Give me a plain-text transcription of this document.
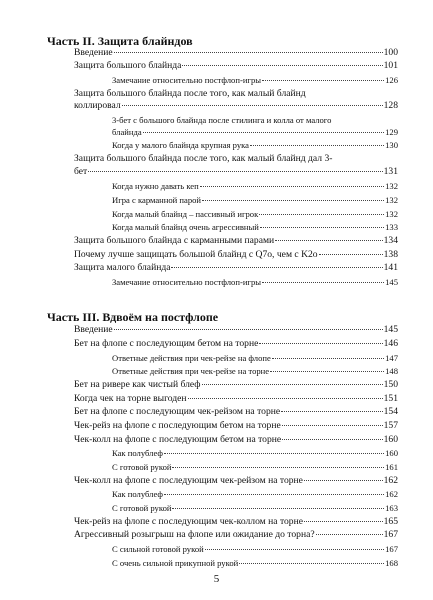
Часть II. Защита блайндов
Введение	100
Защита большого блайнда	101
Замечание относительно постфлоп-игры	126
Защита большого блайнда после того, как малый блайнд
коллировал	128
3-бет с большого блайнда после стилинга и колла от малого
блайнда	129
Когда у малого блайнда крупная рука	130
Защита большого блайнда после того, как малый блайнд дал 3-
бет	131
Когда нужно давать кеп	132
Игра с карманной парой	132
Когда малый блайнд – пассивный игрок	132
Когда малый блайнд очень агрессивный	133
Защита большого блайнда с карманными парами	134
Почему лучше защищать большой блайнд с Q7o, чем с K2o	138
Защита малого блайнда	141
Замечание относительно постфлоп-игры	145
Часть III. Вдвоём на постфлопе
Введение	145
Бет на флопе с последующим бетом на торне	146
Ответные действия при чек-рейзе на флопе	147
Ответные действия при чек-рейзе на торне	148
Бет на ривере как чистый блеф	150
Когда чек на торне выгоден	151
Бет на флопе с последующим чек-рейзом на торне	154
Чек-рейз на флопе с последующим бетом на торне	157
Чек-колл на флопе с последующим бетом на торне	160
Как полублеф	160
С готовой рукой	161
Чек-колл на флопе с последующим чек-рейзом на торне	162
Как полублеф	162
С готовой рукой	163
Чек-рейз на флопе с последующим чек-коллом на торне	165
Агрессивный розыгрыш на флопе или ожидание до торна?	167
С сильной готовой рукой	167
С очень сильной прикупной рукой	168
5
